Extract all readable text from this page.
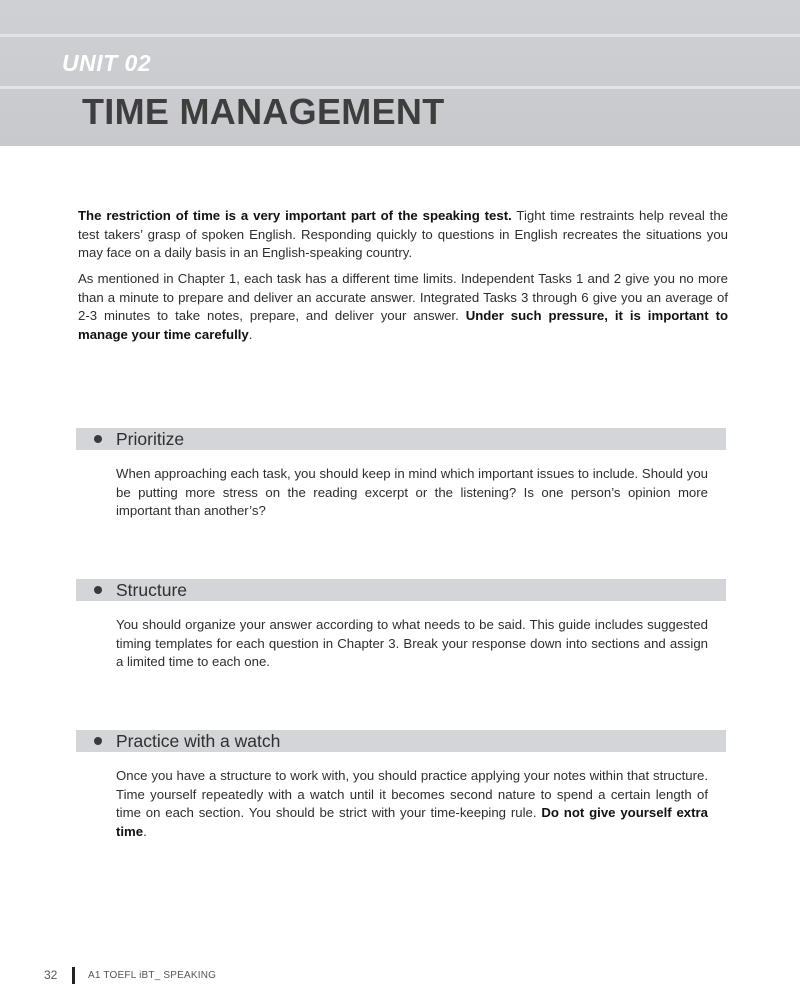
UNIT 02
TIME MANAGEMENT

The restriction of time is a very important part of the speaking test. Tight time restraints help reveal the test takers’ grasp of spoken English. Responding quickly to questions in English recreates the situations you may face on a daily basis in an English-speaking country.

As mentioned in Chapter 1, each task has a different time limits. Independent Tasks 1 and 2 give you no more than a minute to prepare and deliver an accurate answer. Integrated Tasks 3 through 6 give you an average of 2-3 minutes to take notes, prepare, and deliver your answer. Under such pressure, it is important to manage your time carefully.

Prioritize

When approaching each task, you should keep in mind which important issues to include. Should you be putting more stress on the reading excerpt or the listening? Is one person’s opinion more important than another’s?

Structure

You should organize your answer according to what needs to be said. This guide includes suggested timing templates for each question in Chapter 3. Break your response down into sections and assign a limited time to each one.

Practice with a watch

Once you have a structure to work with, you should practice applying your notes within that structure. Time yourself repeatedly with a watch until it becomes second nature to spend a certain length of time on each section. You should be strict with your time-keeping rule. Do not give yourself extra time.

32	A1 TOEFL iBT_ SPEAKING
